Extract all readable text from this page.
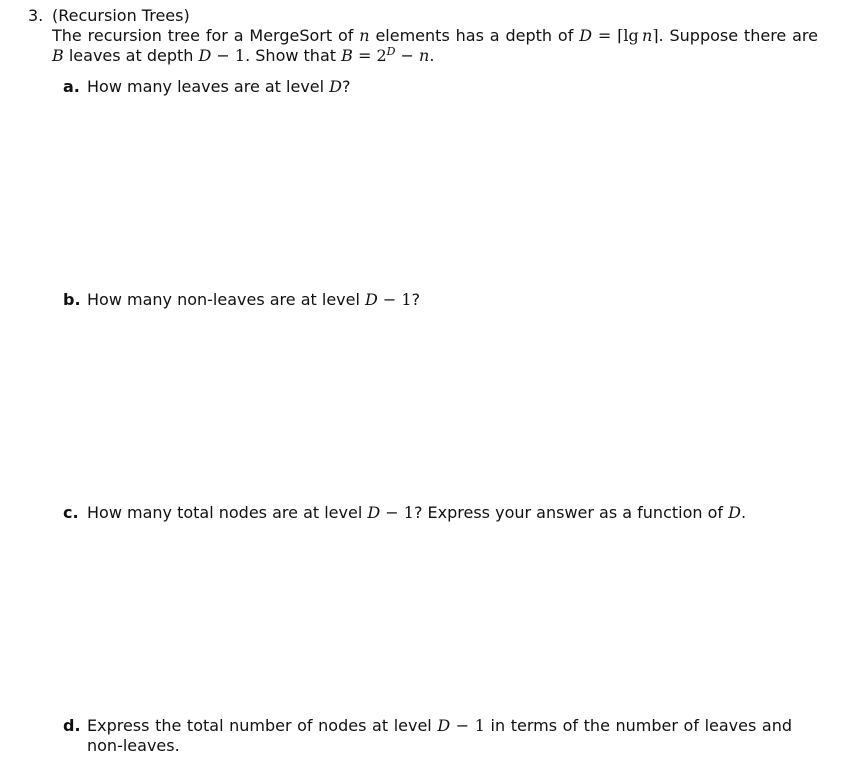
3. (Recursion Trees)
The recursion tree for a MergeSort of n elements has a depth of D = ⌈lg  n⌉. Suppose there are B leaves at depth D − 1. Show that $B = 2^D - n$.
a. How many leaves are at level D?
b. How many non-leaves are at level D − 1?
c. How many total nodes are at level D − 1? Express your answer as a function of D.
d. Express the total number of nodes at level D − 1 in terms of the number of leaves and non-leaves.
